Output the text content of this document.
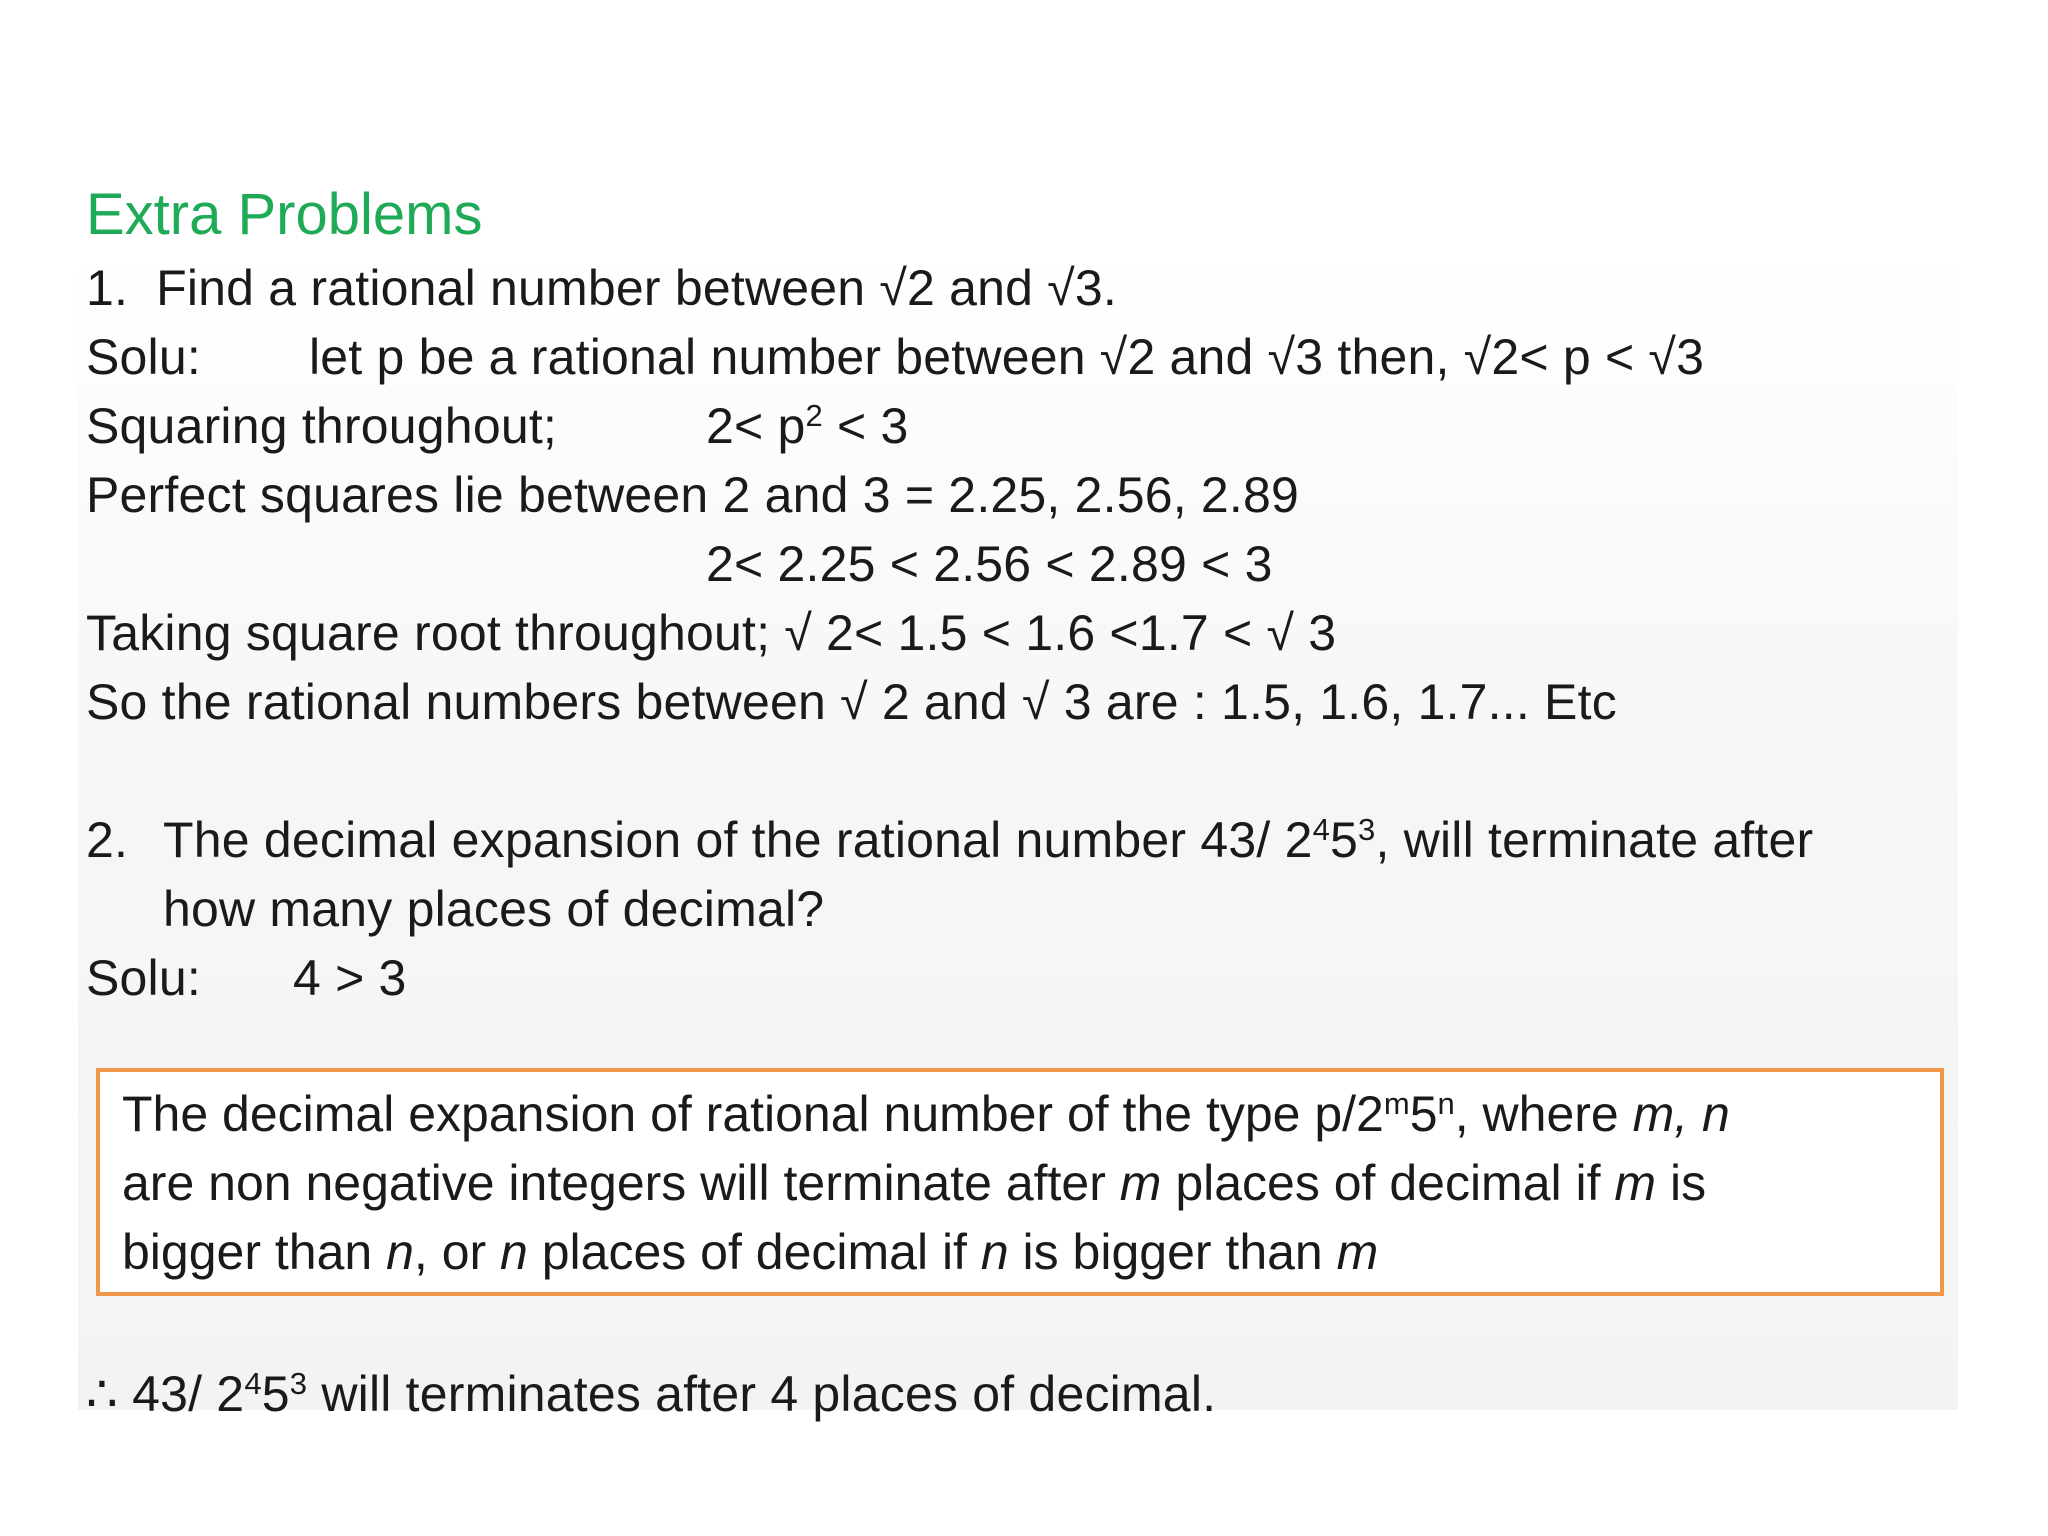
Extra Problems
1. Find a rational number between √2 and √3.
Solu: let p be a rational number between √2 and √3 then, √2< p < √3
Squaring throughout;	$2< p^2 < 3$
Perfect squares lie between 2 and 3 = 2.25, 2.56, 2.89
2< 2.25 < 2.56 < 2.89 < 3
Taking square root throughout; √ 2< 1.5 < 1.6 <1.7 < √ 3
So the rational numbers between √ 2 and √ 3 are : 1.5, 1.6, 1.7... Etc
2. The decimal expansion of the rational number 43/ $2^45^3$, will terminate after
how many places of decimal?
Solu: 4 > 3
The decimal expansion of rational number of the type p/2$^m$5$^n$, where m, n
are non negative integers will terminate after m places of decimal if m is
bigger than n, or n places of decimal if n is bigger than m
∴ 43/ $2^45^3$ will terminates after 4 places of decimal.
